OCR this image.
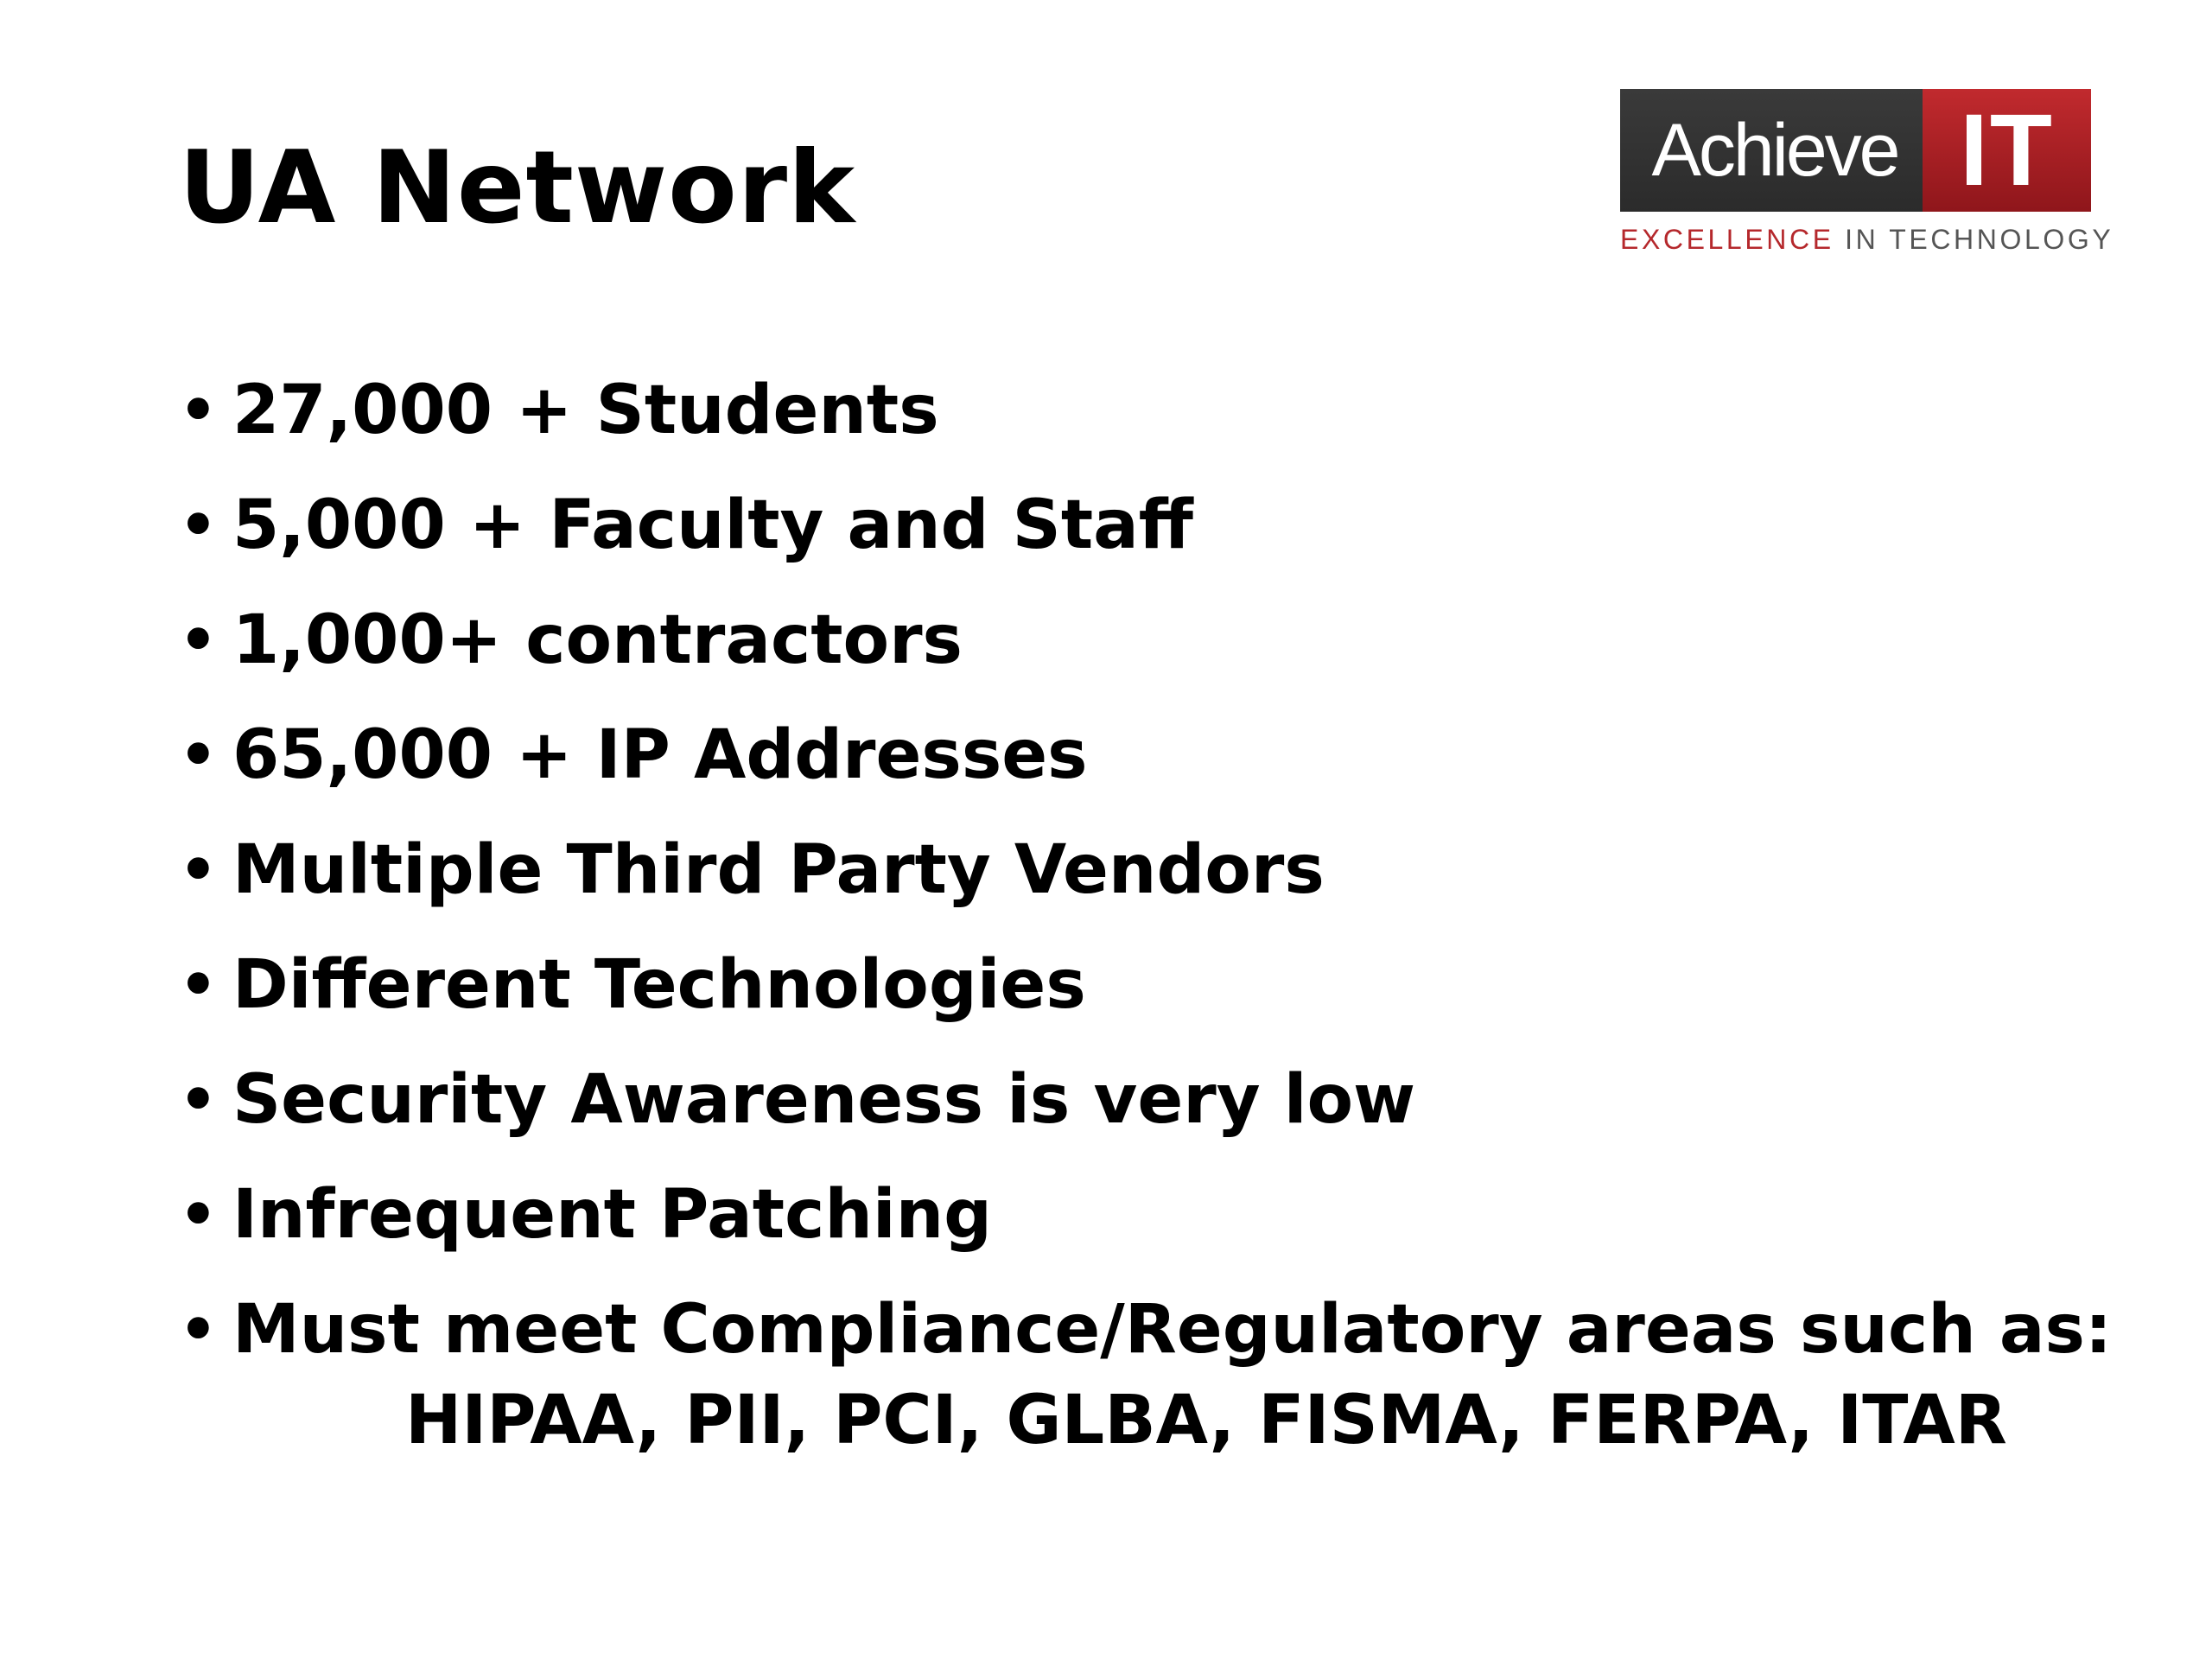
UA Network	Achieve IT
EXCELLENCE IN TECHNOLOGY
• 27,000 + Students
• 5,000 + Faculty and Staff
• 1,000+ contractors
• 65,000 + IP Addresses
• Multiple Third Party Vendors
• Different Technologies
• Security Awareness is very low
• Infrequent Patching
• Must meet Compliance/Regulatory areas such as:
HIPAA, PII, PCI, GLBA, FISMA, FERPA, ITAR
